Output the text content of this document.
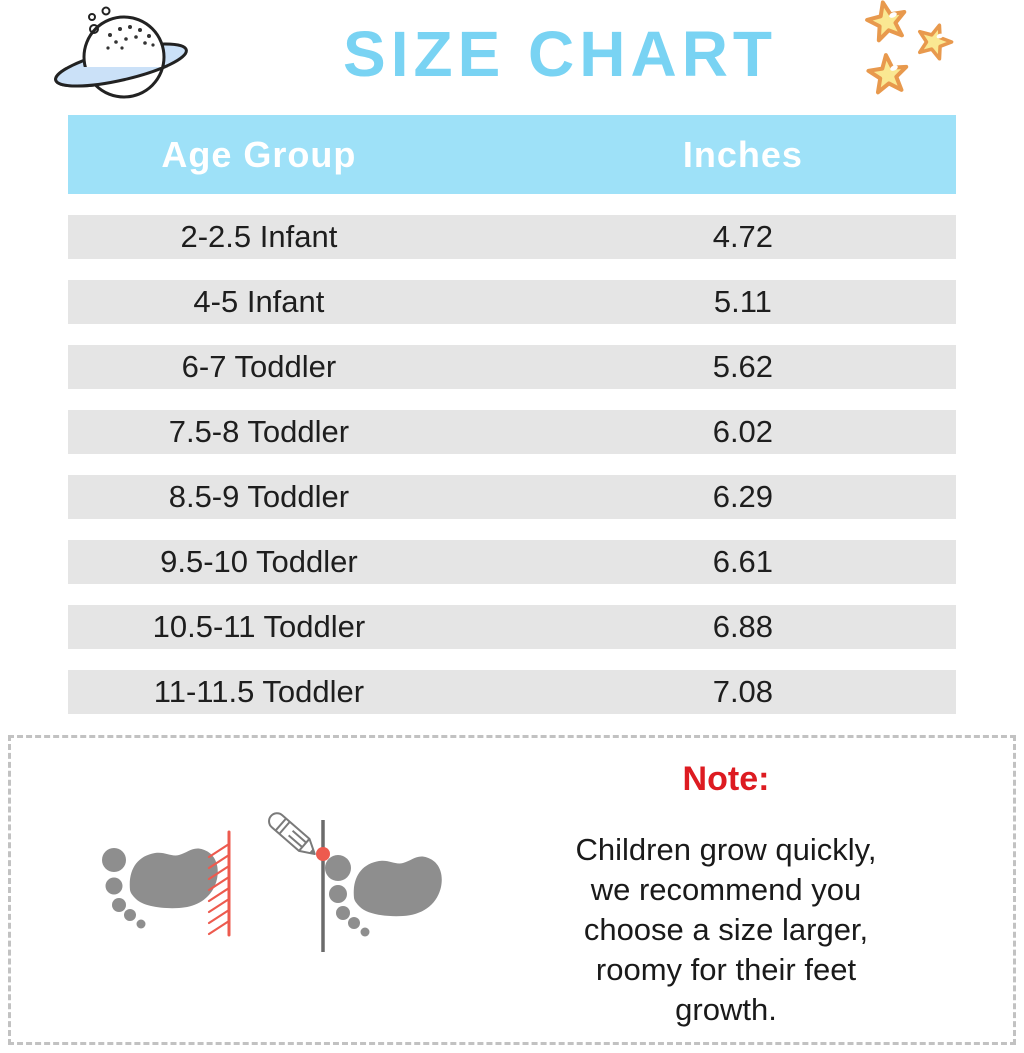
SIZE CHART
Age Group	Inches
2-2.5 Infant	4.72
4-5 Infant	5.11
6-7 Toddler	5.62
7.5-8 Toddler	6.02
8.5-9 Toddler	6.29
9.5-10 Toddler	6.61
10.5-11 Toddler	6.88
11-11.5 Toddler	7.08
Note:
Children grow quickly,
we recommend you
choose a size larger,
roomy for their feet
growth.
